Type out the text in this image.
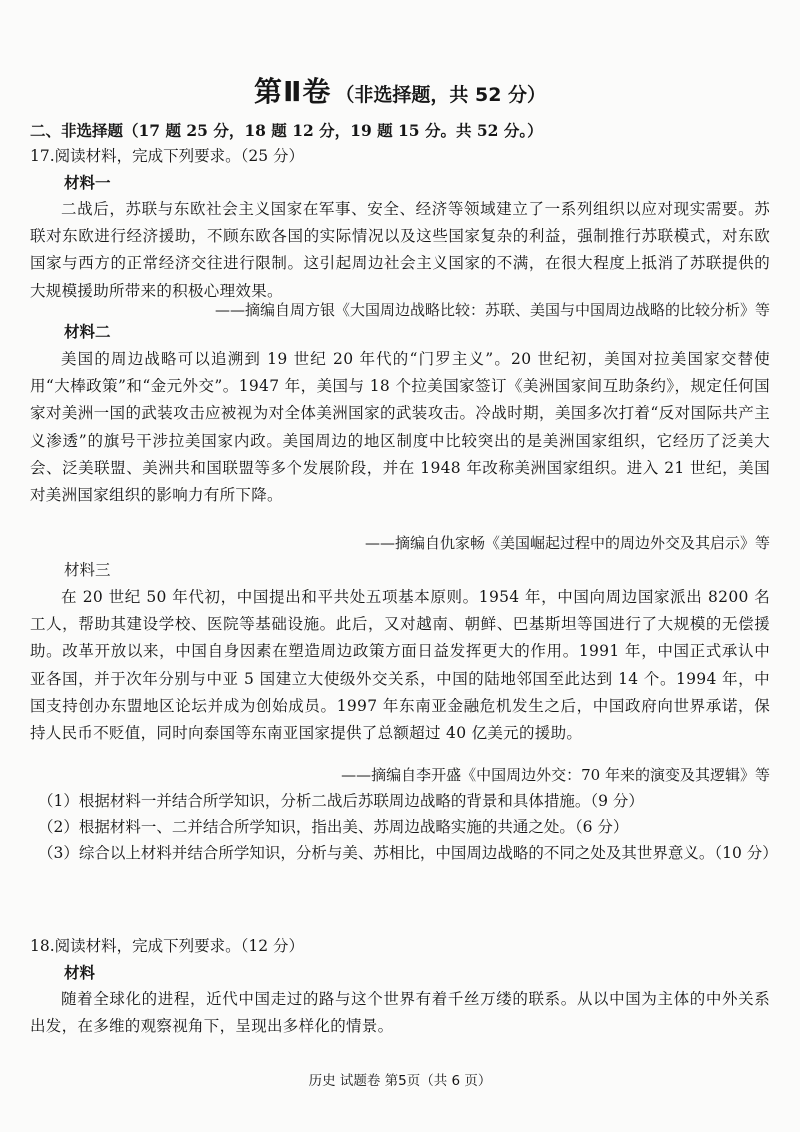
第Ⅱ卷 （非选择题，共 52 分）
二、非选择题（17 题 25 分，18 题 12 分，19 题 15 分。共 52 分。）
17.阅读材料，完成下列要求。（25 分）
材料一
二战后，苏联与东欧社会主义国家在军事、安全、经济等领域建立了一系列组织以应对现实需要。苏联对东欧进行经济援助，不顾东欧各国的实际情况以及这些国家复杂的利益，强制推行苏联模式，对东欧国家与西方的正常经济交往进行限制。这引起周边社会主义国家的不满，在很大程度上抵消了苏联提供的大规模援助所带来的积极心理效果。
——摘编自周方银《大国周边战略比较：苏联、美国与中国周边战略的比较分析》等
材料二
美国的周边战略可以追溯到 19 世纪 20 年代的“门罗主义”。20 世纪初，美国对拉美国家交替使用“大棒政策”和“金元外交”。1947 年，美国与 18 个拉美国家签订《美洲国家间互助条约》，规定任何国家对美洲一国的武装攻击应被视为对全体美洲国家的武装攻击。冷战时期，美国多次打着“反对国际共产主义渗透”的旗号干涉拉美国家内政。美国周边的地区制度中比较突出的是美洲国家组织，它经历了泛美大会、泛美联盟、美洲共和国联盟等多个发展阶段，并在 1948 年改称美洲国家组织。进入 21 世纪，美国对美洲国家组织的影响力有所下降。
——摘编自仇家畅《美国崛起过程中的周边外交及其启示》等
材料三
在 20 世纪 50 年代初，中国提出和平共处五项基本原则。1954 年，中国向周边国家派出 8200 名工人，帮助其建设学校、医院等基础设施。此后，又对越南、朝鲜、巴基斯坦等国进行了大规模的无偿援助。改革开放以来，中国自身因素在塑造周边政策方面日益发挥更大的作用。1991 年，中国正式承认中亚各国，并于次年分别与中亚 5 国建立大使级外交关系，中国的陆地邻国至此达到 14 个。1994 年，中国支持创办东盟地区论坛并成为创始成员。1997 年东南亚金融危机发生之后，中国政府向世界承诺，保持人民币不贬值，同时向泰国等东南亚国家提供了总额超过 40 亿美元的援助。
——摘编自李开盛《中国周边外交：70 年来的演变及其逻辑》等
（1）根据材料一并结合所学知识，分析二战后苏联周边战略的背景和具体措施。（9 分）
（2）根据材料一、二并结合所学知识，指出美、苏周边战略实施的共通之处。（6 分）
（3）综合以上材料并结合所学知识，分析与美、苏相比，中国周边战略的不同之处及其世界意义。（10 分）
18.阅读材料，完成下列要求。（12 分）
材料
随着全球化的进程，近代中国走过的路与这个世界有着千丝万缕的联系。从以中国为主体的中外关系出发，在多维的观察视角下，呈现出多样化的情景。
历史 试题卷 第5页（共 6 页）
